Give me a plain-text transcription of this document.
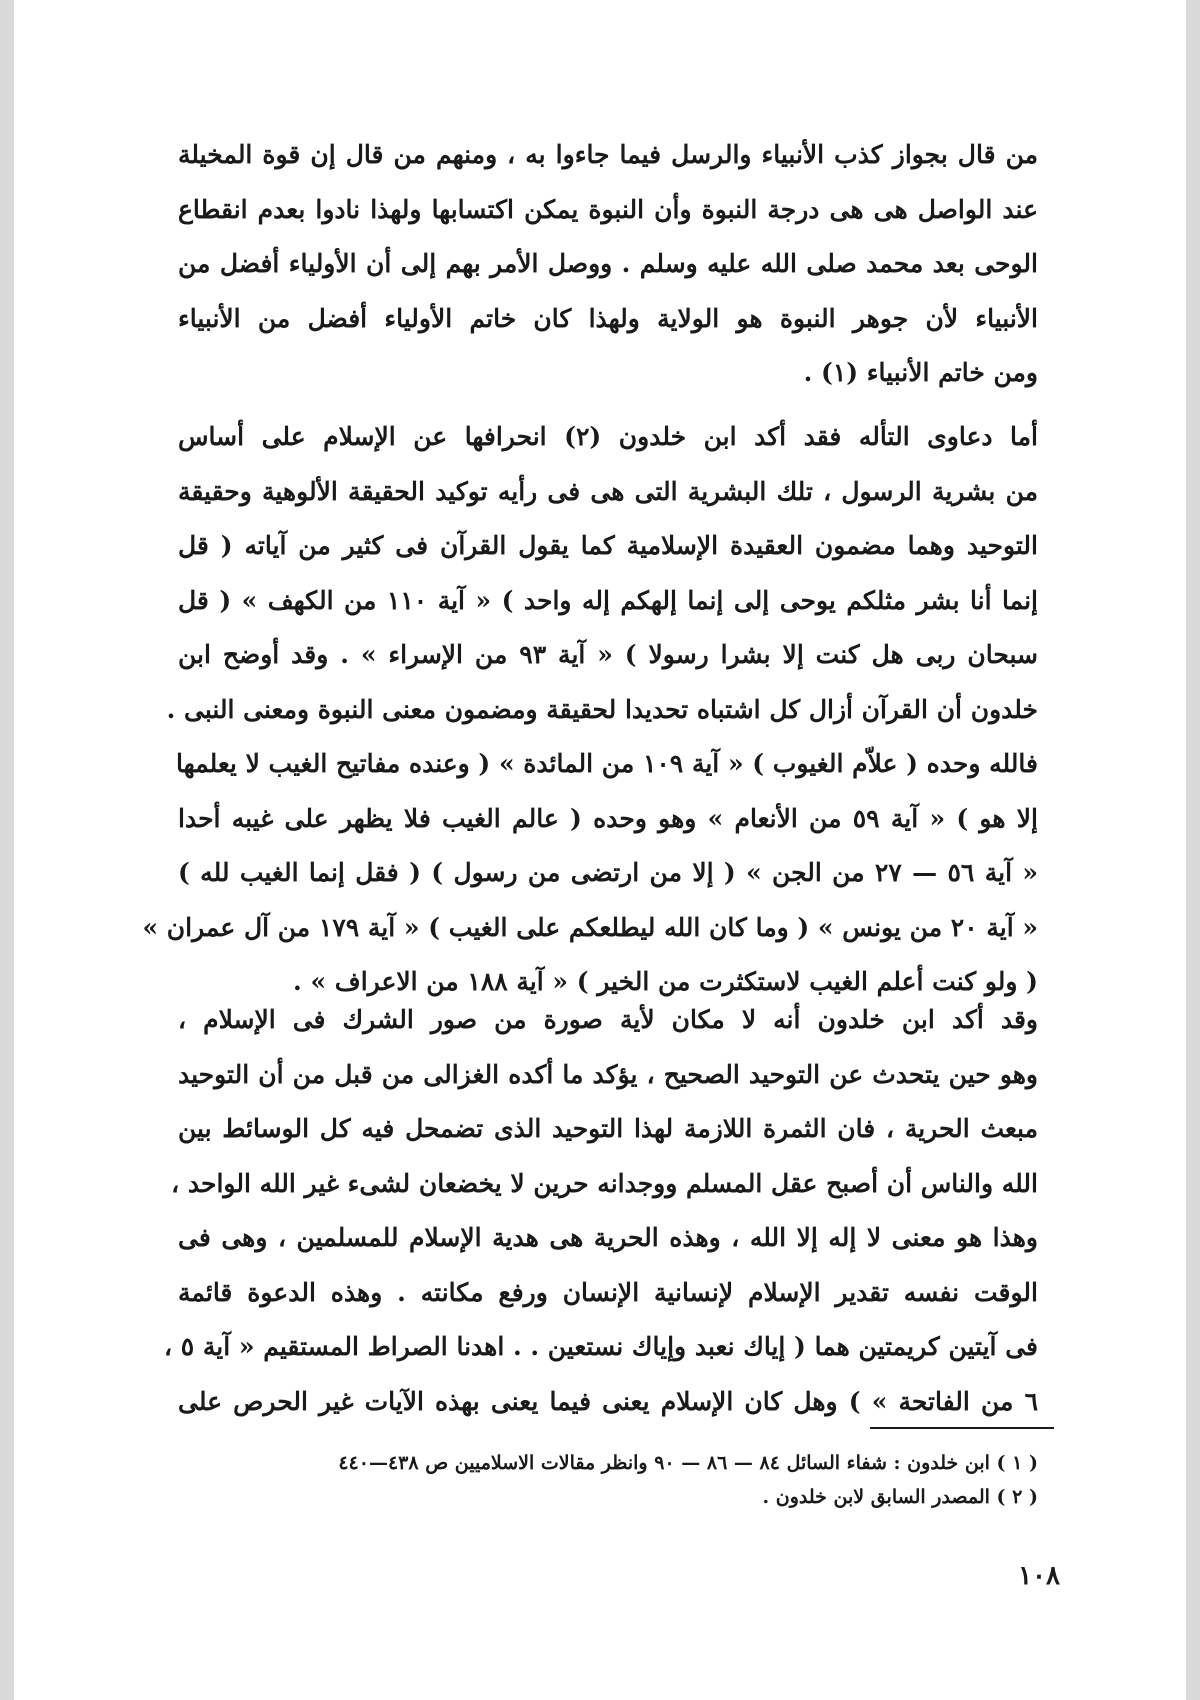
من قال بجواز كذب الأنبياء والرسل فيما جاءوا به ، ومنهم من قال إن قوة المخيلة
عند الواصل هى هى درجة النبوة وأن النبوة يمكن اكتسابها ولهذا نادوا بعدم انقطاع
الوحى بعد محمد صلى الله عليه وسلم . ووصل الأمر بهم إلى أن الأولياء أفضل من
الأنبياء لأن جوهر النبوة هو الولاية ولهذا كان خاتم الأولياء أفضل من الأنبياء
ومن خاتم الأنبياء (١) .
أما دعاوى التأله فقد أكد ابن خلدون (٢) انحرافها عن الإسلام على أساس
من بشرية الرسول ، تلك البشرية التى هى فى رأيه توكيد الحقيقة الألوهية وحقيقة
التوحيد وهما مضمون العقيدة الإسلامية كما يقول القرآن فى كثير من آياته ( قل
إنما أنا بشر مثلكم يوحى إلى إنما إلهكم إله واحد ) « آية ١١٠ من الكهف » ( قل
سبحان ربى هل كنت إلا بشرا رسولا ) « آية ٩٣ من الإسراء » . وقد أوضح ابن
خلدون أن القرآن أزال كل اشتباه تحديدا لحقيقة ومضمون معنى النبوة ومعنى النبى .
فالله وحده ( علاّم الغيوب ) « آية ١٠٩ من المائدة » ( وعنده مفاتيح الغيب لا يعلمها
إلا هو ) « آية ٥٩ من الأنعام » وهو وحده ( عالم الغيب فلا يظهر على غيبه أحدا
« آية ٥٦ — ٢٧ من الجن » ( إلا من ارتضى من رسول ) ( فقل إنما الغيب لله )
« آية ٢٠ من يونس » ( وما كان الله ليطلعكم على الغيب ) « آية ١٧٩ من آل عمران »
( ولو كنت أعلم الغيب لاستكثرت من الخير ) « آية ١٨٨ من الاعراف » .
وقد أكد ابن خلدون أنه لا مكان لأية صورة من صور الشرك فى الإسلام ،
وهو حين يتحدث عن التوحيد الصحيح ، يؤكد ما أكده الغزالى من قبل من أن التوحيد
مبعث الحرية ، فان الثمرة اللازمة لهذا التوحيد الذى تضمحل فيه كل الوسائط بين
الله والناس أن أصبح عقل المسلم ووجدانه حرين لا يخضعان لشىء غير الله الواحد ،
وهذا هو معنى لا إله إلا الله ، وهذه الحرية هى هدية الإسلام للمسلمين ، وهى فى
الوقت نفسه تقدير الإسلام لإنسانية الإنسان ورفع مكانته . وهذه الدعوة قائمة
فى آيتين كريمتين هما ( إياك نعبد وإياك نستعين . . اهدنا الصراط المستقيم « آية ٥ ،
٦ من الفاتحة » ) وهل كان الإسلام يعنى فيما يعنى بهذه الآيات غير الحرص على
( ١ ) ابن خلدون : شفاء السائل ٨٤ — ٨٦ — ٩٠ وانظر مقالات الاسلاميين ص ٤٣٨—٤٤٠
( ٢ ) المصدر السابق لابن خلدون .
١٠٨
